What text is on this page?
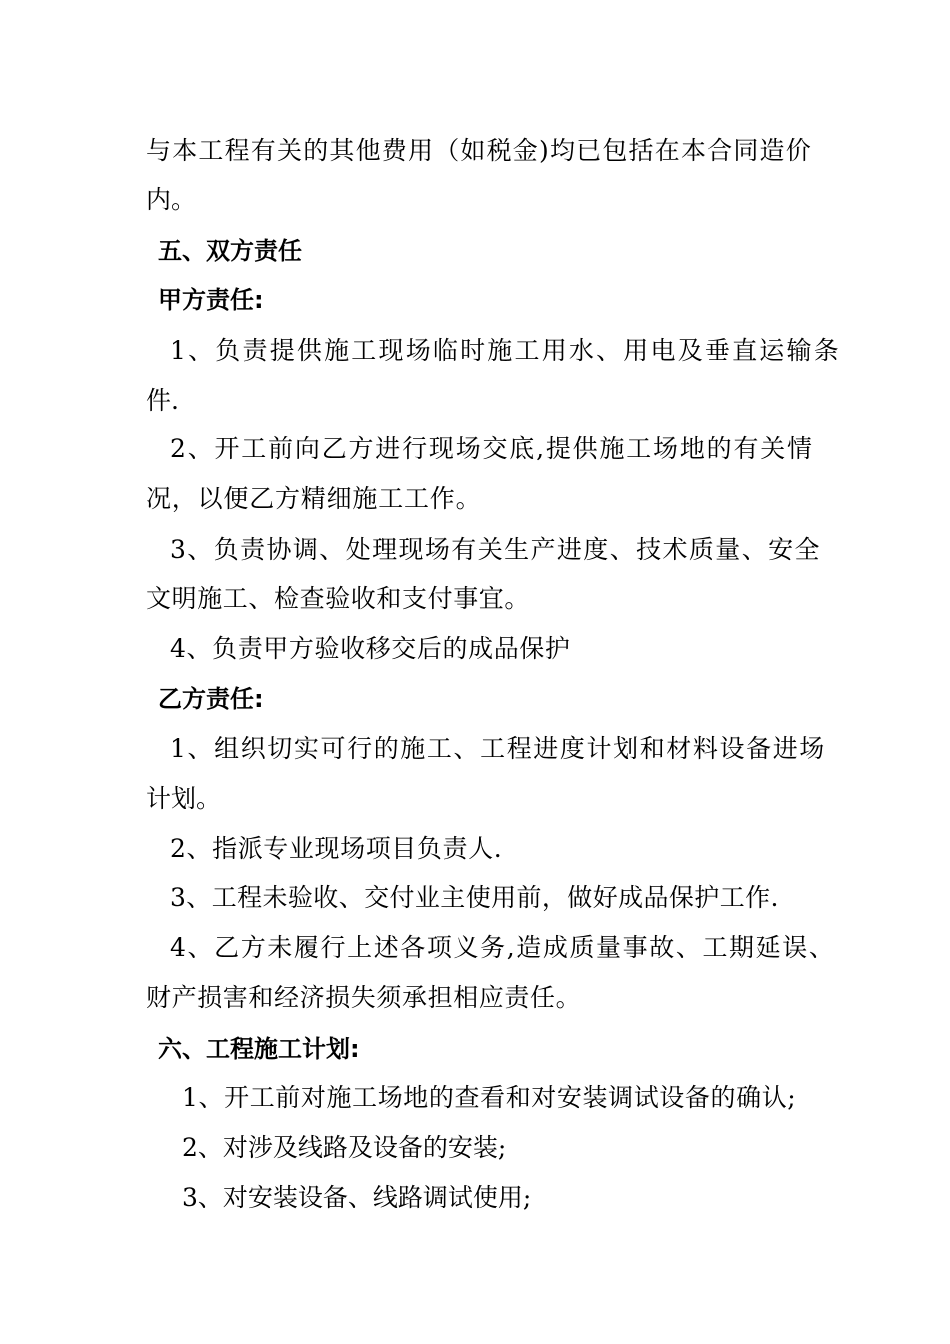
与本工程有关的其他费用（如税金)均已包括在本合同造价
内。
五、双方责任
甲方责任:
1、负责提供施工现场临时施工用水、用电及垂直运输条
件.
2、开工前向乙方进行现场交底,提供施工场地的有关情
况，以便乙方精细施工工作。
3、负责协调、处理现场有关生产进度、技术质量、安全
文明施工、检查验收和支付事宜。
4、负责甲方验收移交后的成品保护
乙方责任:
1、组织切实可行的施工、工程进度计划和材料设备进场
计划。
2、指派专业现场项目负责人.
3、工程未验收、交付业主使用前，做好成品保护工作.
4、乙方未履行上述各项义务,造成质量事故、工期延误、
财产损害和经济损失须承担相应责任。
六、工程施工计划:
1、开工前对施工场地的查看和对安装调试设备的确认;
2、对涉及线路及设备的安装;
3、对安装设备、线路调试使用;
